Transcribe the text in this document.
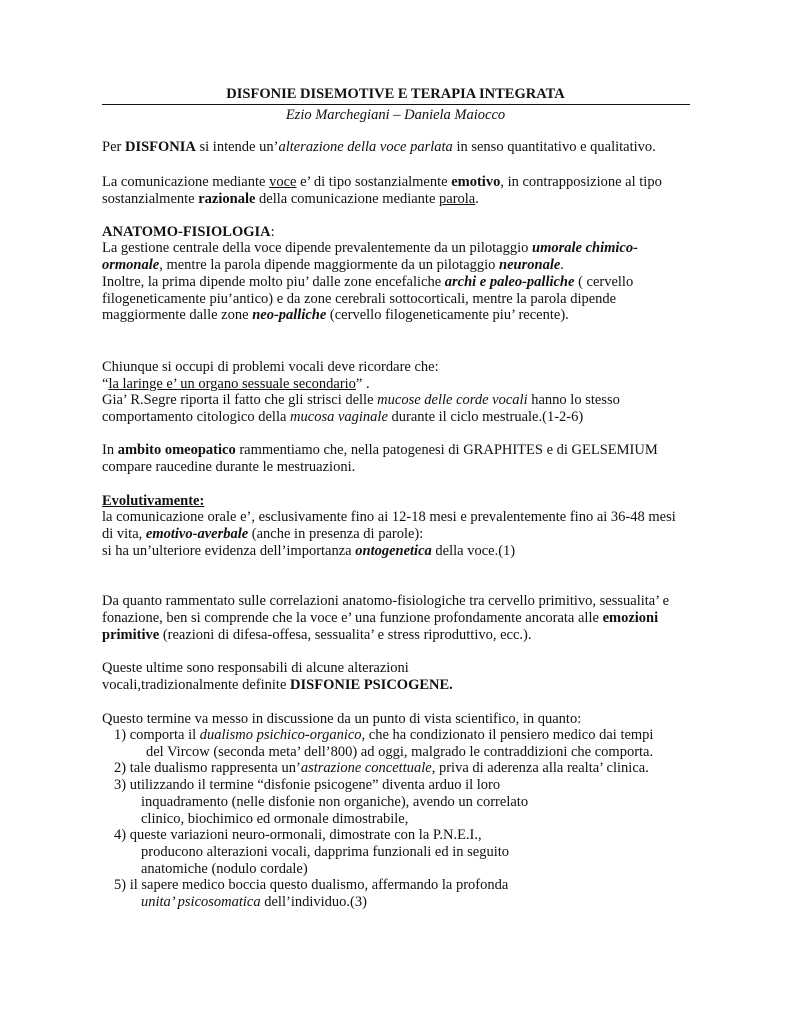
DISFONIE DISEMOTIVE E TERAPIA INTEGRATA
Ezio Marchegiani – Daniela Maiocco
Per DISFONIA si intende un’alterazione della voce parlata in senso quantitativo e qualitativo.
La comunicazione mediante voce e’ di tipo sostanzialmente emotivo, in contrapposizione al tipo
sostanzialmente razionale della comunicazione mediante parola.
ANATOMO-FISIOLOGIA:
La gestione centrale della voce dipende prevalentemente da un pilotaggio umorale chimico-
ormonale, mentre la parola dipende maggiormente da un pilotaggio neuronale.
Inoltre, la prima dipende molto piu’ dalle zone encefaliche archi e paleo-palliche ( cervello
filogeneticamente piu’antico) e da zone cerebrali sottocorticali, mentre la parola dipende
maggiormente dalle zone neo-palliche (cervello filogeneticamente piu’ recente).
Chiunque si occupi di problemi vocali deve ricordare che:
“la laringe e’ un organo sessuale secondario” .
Gia’ R.Segre riporta il fatto che gli strisci delle mucose delle corde vocali hanno lo stesso
comportamento citologico della mucosa vaginale durante il ciclo mestruale.(1-2-6)
In ambito omeopatico rammentiamo che, nella patogenesi di GRAPHITES e di GELSEMIUM
compare raucedine durante le mestruazioni.
Evolutivamente:
la comunicazione orale e’, esclusivamente fino ai 12-18 mesi e prevalentemente fino ai 36-48 mesi
di vita, emotivo-averbale (anche in presenza di parole):
si ha un’ulteriore evidenza dell’importanza ontogenetica della voce.(1)
Da quanto rammentato sulle correlazioni anatomo-fisiologiche tra cervello primitivo, sessualita’ e
fonazione, ben si comprende che la voce e’ una funzione profondamente ancorata alle emozioni
primitive (reazioni di difesa-offesa, sessualita’ e stress riproduttivo, ecc.).
Queste ultime sono responsabili di alcune alterazioni
vocali,tradizionalmente definite DISFONIE PSICOGENE.
Questo termine va messo in discussione da un punto di vista scientifico, in quanto:
1) comporta il dualismo psichico-organico, che ha condizionato il pensiero medico dai tempi
del Vircow (seconda meta’ dell’800) ad oggi, malgrado le contraddizioni che comporta.
2) tale dualismo rappresenta un’astrazione concettuale, priva di aderenza alla realta’ clinica.
3) utilizzando il termine “disfonie psicogene” diventa arduo il loro
inquadramento (nelle disfonie non organiche), avendo un correlato
clinico, biochimico ed ormonale dimostrabile,
4) queste variazioni neuro-ormonali, dimostrate con la P.N.E.I.,
producono alterazioni vocali, dapprima funzionali ed in seguito
anatomiche (nodulo cordale)
5) il sapere medico boccia questo dualismo, affermando la profonda
unita’ psicosomatica dell’individuo.(3)
